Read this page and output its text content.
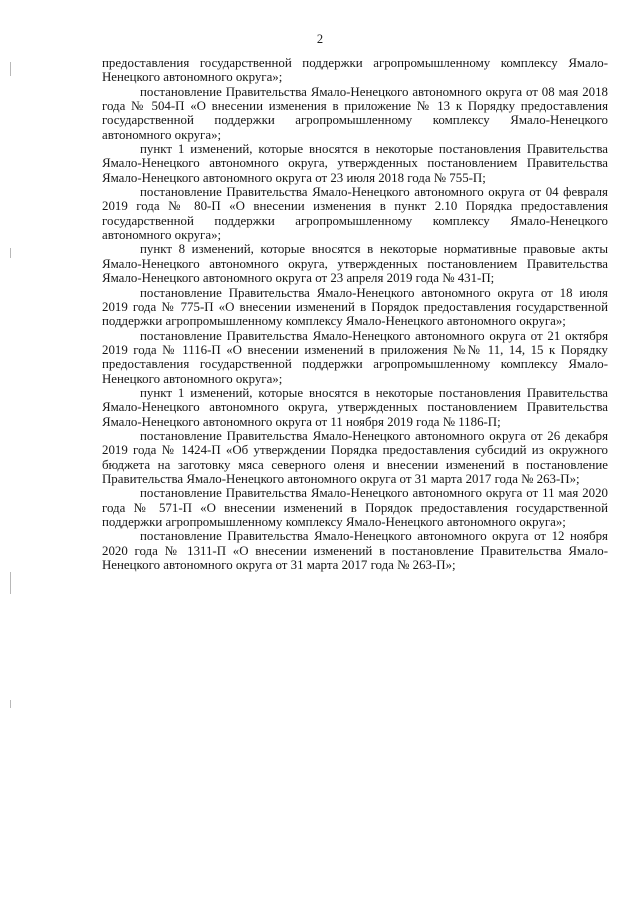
2

предоставления государственной поддержки агропромышленному комплексу Ямало-Ненецкого автономного округа»;

постановление Правительства Ямало-Ненецкого автономного округа от 08 мая 2018 года № 504-П «О внесении изменения в приложение № 13 к Порядку предоставления государственной поддержки агропромышленному комплексу Ямало-Ненецкого автономного округа»;

пункт 1 изменений, которые вносятся в некоторые постановления Правительства Ямало-Ненецкого автономного округа, утвержденных постановлением Правительства Ямало-Ненецкого автономного округа от 23 июля 2018 года № 755-П;

постановление Правительства Ямало-Ненецкого автономного округа от 04 февраля 2019 года № 80-П «О внесении изменения в пункт 2.10 Порядка предоставления государственной поддержки агропромышленному комплексу Ямало-Ненецкого автономного округа»;

пункт 8 изменений, которые вносятся в некоторые нормативные правовые акты Ямало-Ненецкого автономного округа, утвержденных постановлением Правительства Ямало-Ненецкого автономного округа от 23 апреля 2019 года № 431-П;

постановление Правительства Ямало-Ненецкого автономного округа от 18 июля 2019 года № 775-П «О внесении изменений в Порядок предоставления государственной поддержки агропромышленному комплексу Ямало-Ненецкого автономного округа»;

постановление Правительства Ямало-Ненецкого автономного округа от 21 октября 2019 года № 1116-П «О внесении изменений в приложения №№ 11, 14, 15 к Порядку предоставления государственной поддержки агропромышленному комплексу Ямало-Ненецкого автономного округа»;

пункт 1 изменений, которые вносятся в некоторые постановления Правительства Ямало-Ненецкого автономного округа, утвержденных постановлением Правительства Ямало-Ненецкого автономного округа от 11 ноября 2019 года № 1186-П;

постановление Правительства Ямало-Ненецкого автономного округа от 26 декабря 2019 года № 1424-П «Об утверждении Порядка предоставления субсидий из окружного бюджета на заготовку мяса северного оленя и внесении изменений в постановление Правительства Ямало-Ненецкого автономного округа от 31 марта 2017 года № 263-П»;

постановление Правительства Ямало-Ненецкого автономного округа от 11 мая 2020 года № 571-П «О внесении изменений в Порядок предоставления государственной поддержки агропромышленному комплексу Ямало-Ненецкого автономного округа»;

постановление Правительства Ямало-Ненецкого автономного округа от 12 ноября 2020 года № 1311-П «О внесении изменений в постановление Правительства Ямало-Ненецкого автономного округа от 31 марта 2017 года № 263-П»;
